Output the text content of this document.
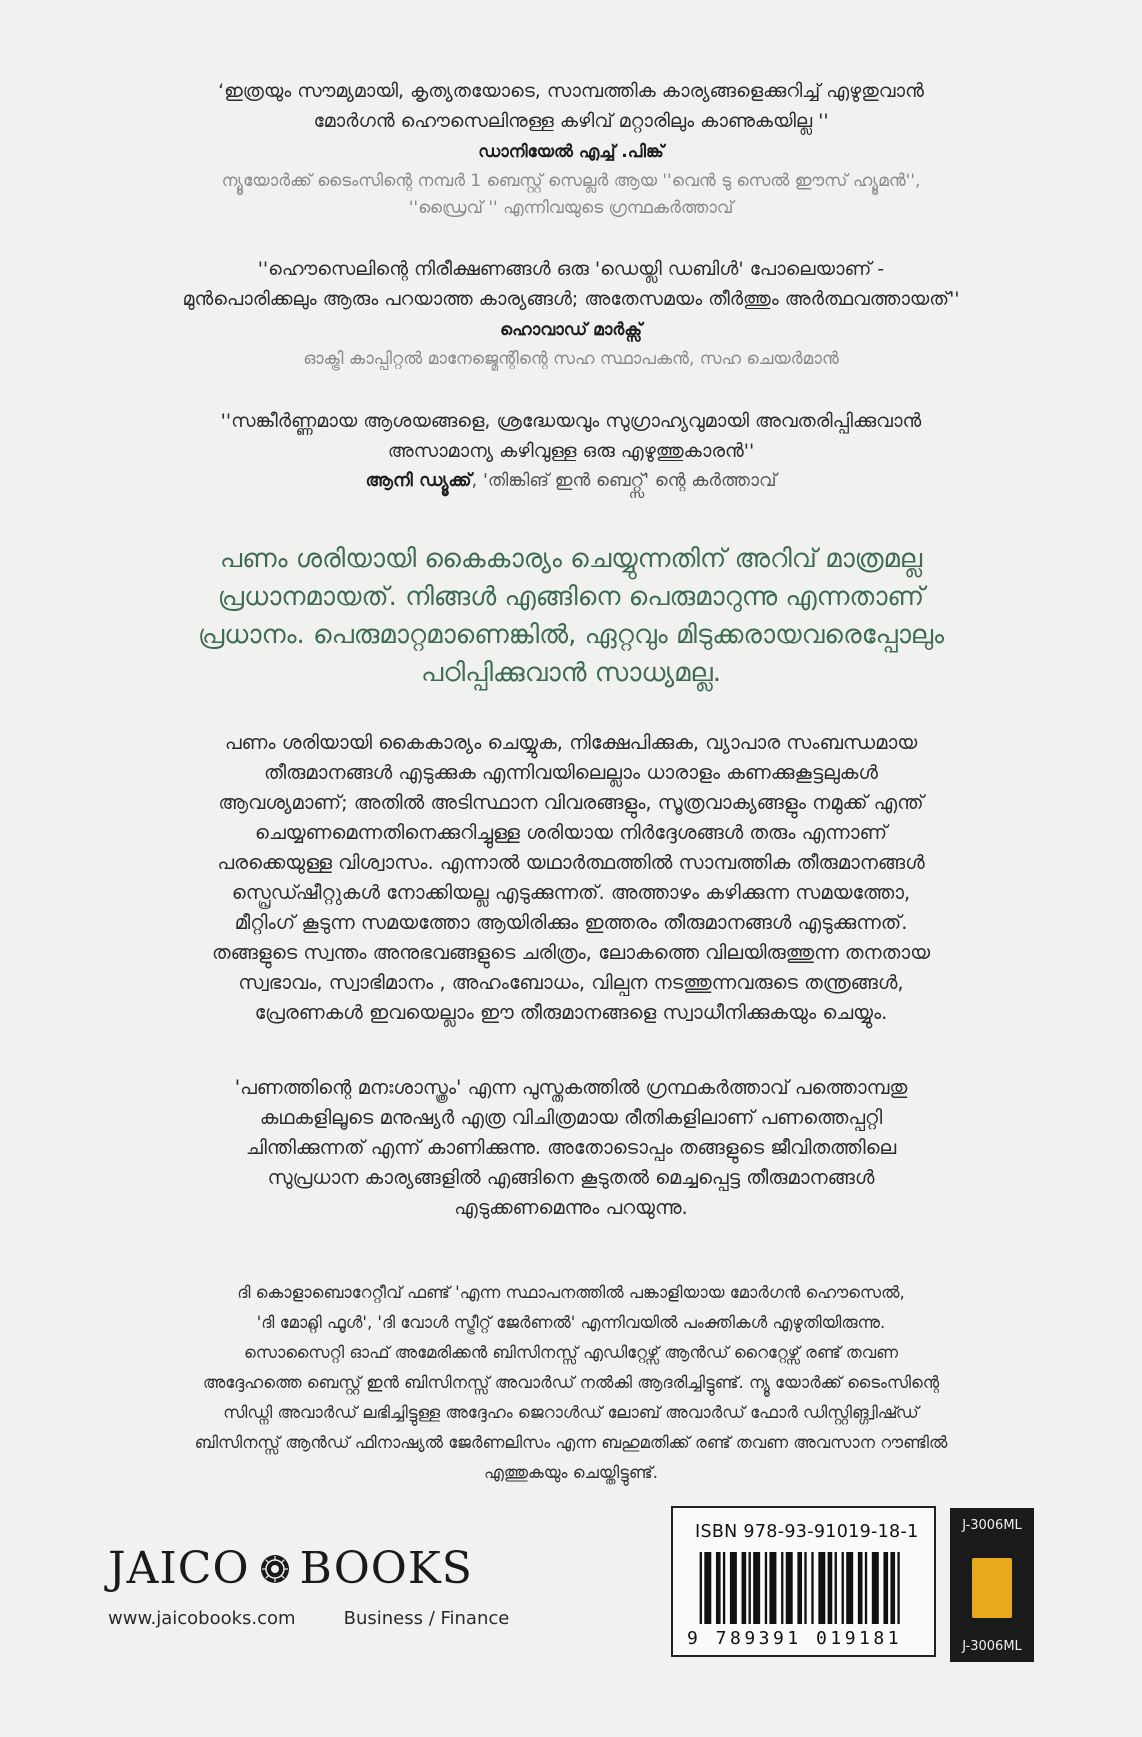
‘ഇത്രയും സൗമ്യമായി, കൃത്യതയോടെ, സാമ്പത്തിക കാര്യങ്ങളെക്കുറിച്ച് എഴുതുവാൻ
മോർഗൻ ഹൌസെലിനുള്ള കഴിവ് മറ്റാരിലും കാണുകയില്ല ''
ഡാനിയേൽ എച്ച് .പിങ്ക്
ന്യൂയോർക്ക് ടൈംസിന്റെ നമ്പർ 1 ബെസ്റ്റ് സെല്ലർ ആയ ''വെൻ ടു സെൽ ഈസ് ഹ്യൂമൻ'',
''ഡ്രൈവ് '' എന്നിവയുടെ ഗ്രന്ഥകർത്താവ്
''ഹൌസെലിന്റെ നിരീക്ഷണങ്ങൾ ഒരു 'ഡെയ്ലി ഡബിൾ' പോലെയാണ് -
മുൻപൊരിക്കലും ആരും പറയാത്ത കാര്യങ്ങൾ; അതേസമയം തീർത്തും അർത്ഥവത്തായത്''
ഹൊവാഡ് മാർക്സ്
ഓക്ട്രി കാപ്പിറ്റൽ മാനേജ്മെന്റിന്റെ സഹ സ്ഥാപകൻ, സഹ ചെയർമാൻ
''സങ്കീർണ്ണമായ ആശയങ്ങളെ, ശ്രദ്ധേയവും സുഗ്രാഹ്യവുമായി അവതരിപ്പിക്കുവാൻ
അസാമാന്യ കഴിവുള്ള ഒരു എഴുത്തുകാരൻ''
ആനി ഡ്യൂക്ക്, 'തിങ്കിങ് ഇൻ ബെറ്റ്സ്' ന്റെ കർത്താവ്
പണം ശരിയായി കൈകാര്യം ചെയ്യുന്നതിന് അറിവ് മാത്രമല്ല
പ്രധാനമായത്. നിങ്ങൾ എങ്ങിനെ പെരുമാറുന്നു എന്നതാണ്
പ്രധാനം. പെരുമാറ്റമാണെങ്കിൽ, ഏറ്റവും മിടുക്കരായവരെപ്പോലും
പഠിപ്പിക്കുവാൻ സാധ്യമല്ല.
പണം ശരിയായി കൈകാര്യം ചെയ്യുക, നിക്ഷേപിക്കുക, വ്യാപാര സംബന്ധമായ
തീരുമാനങ്ങൾ എടുക്കുക എന്നിവയിലെല്ലാം ധാരാളം കണക്കുകൂട്ടലുകൾ
ആവശ്യമാണ്; അതിൽ അടിസ്ഥാന വിവരങ്ങളും, സൂത്രവാക്യങ്ങളും നമുക്ക് എന്ത്
ചെയ്യണമെന്നതിനെക്കുറിച്ചുള്ള ശരിയായ നിർദ്ദേശങ്ങൾ തരും എന്നാണ്
പരക്കെയുള്ള വിശ്വാസം. എന്നാൽ യഥാർത്ഥത്തിൽ സാമ്പത്തിക തീരുമാനങ്ങൾ
സ്പ്രെഡ്ഷീറ്റുകൾ നോക്കിയല്ല എടുക്കുന്നത്. അത്താഴം കഴിക്കുന്ന സമയത്തോ,
മീറ്റിംഗ് കൂടുന്ന സമയത്തോ ആയിരിക്കും ഇത്തരം തീരുമാനങ്ങൾ എടുക്കുന്നത്.
തങ്ങളുടെ സ്വന്തം അനുഭവങ്ങളുടെ ചരിത്രം, ലോകത്തെ വിലയിരുത്തുന്ന തനതായ
സ്വഭാവം, സ്വാഭിമാനം , അഹംബോധം, വില്പന നടത്തുന്നവരുടെ തന്ത്രങ്ങൾ,
പ്രേരണകൾ ഇവയെല്ലാം ഈ തീരുമാനങ്ങളെ സ്വാധീനിക്കുകയും ചെയ്യും.
'പണത്തിന്റെ മനഃശാസ്ത്രം' എന്ന പുസ്തകത്തിൽ ഗ്രന്ഥകർത്താവ് പത്തൊമ്പതു
കഥകളിലൂടെ മനുഷ്യർ എത്ര വിചിത്രമായ രീതികളിലാണ് പണത്തെപ്പറ്റി
ചിന്തിക്കുന്നത് എന്ന് കാണിക്കുന്നു. അതോടൊപ്പം തങ്ങളുടെ ജീവിതത്തിലെ
സുപ്രധാന കാര്യങ്ങളിൽ എങ്ങിനെ കൂടുതൽ മെച്ചപ്പെട്ട തീരുമാനങ്ങൾ
എടുക്കണമെന്നും പറയുന്നു.
ദി കൊളാബൊറേറ്റീവ് ഫണ്ട് 'എന്ന സ്ഥാപനത്തിൽ പങ്കാളിയായ മോർഗൻ ഹൌസെൽ,
'ദി മോറ്റ്ലി ഫൂൾ', 'ദി വോൾ സ്ട്രീറ്റ് ജേർണൽ' എന്നിവയിൽ പംക്തികൾ എഴുതിയിരുന്നു.
സൊസൈറ്റി ഓഫ് അമേരിക്കൻ ബിസിനസ്സ് എഡിറ്റേഴ്സ് ആൻഡ് റൈറ്റേഴ്സ് രണ്ട് തവണ
അദ്ദേഹത്തെ ബെസ്റ്റ് ഇൻ ബിസിനസ്സ് അവാർഡ് നൽകി ആദരിച്ചിട്ടുണ്ട്. ന്യൂ യോർക്ക് ടൈംസിന്റെ
സിഡ്നി അവാർഡ് ലഭിച്ചിട്ടുള്ള അദ്ദേഹം ജെറാൾഡ് ലോബ് അവാർഡ് ഫോർ ഡിസ്റ്റിങ്ഗ്വിഷ്ഡ്
ബിസിനസ്സ് ആൻഡ് ഫിനാഷ്യൽ ജേർണലിസം എന്ന ബഹുമതിക്ക് രണ്ട് തവണ അവസാന റൗണ്ടിൽ
എത്തുകയും ചെയ്തിട്ടുണ്ട്.
JAICO BOOKS
www.jaicobooks.com	Business / Finance
ISBN 978-93-91019-18-1
9 789391 019181
J-3006ML
J-3006ML
